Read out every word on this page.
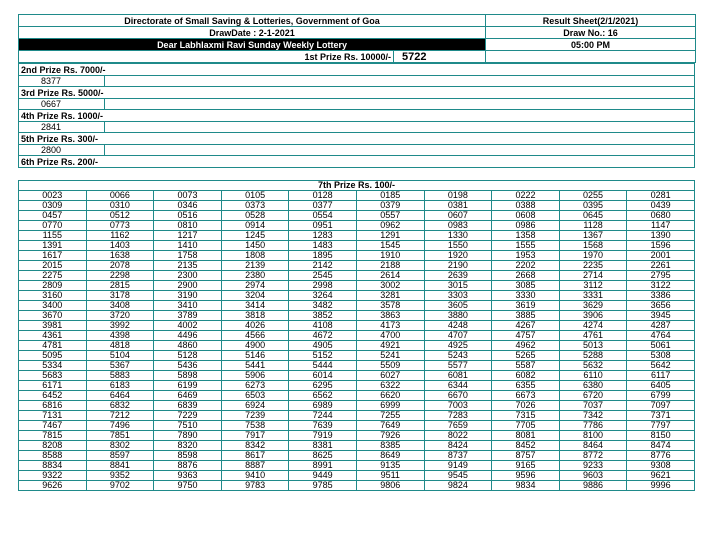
Directorate of Small Saving & Lotteries, Government of Goa		Result Sheet(2/1/2021)
DrawDate : 2-1-2021		Draw No.: 16
Dear Labhlaxmi Ravi Sunday Weekly Lottery		05:00 PM
1st Prize Rs. 10000/-	5722	
2nd Prize Rs. 7000/-	
8377	
3rd Prize Rs. 5000/-	
0667	
4th Prize Rs. 1000/-	
2841	
5th Prize Rs. 300/-	
2800	
6th Prize Rs. 200/-	
7th Prize Rs. 100/-									
0023	0066	0073	0105	0128	0185	0198	0222	0255	0281
0309	0310	0346	0373	0377	0379	0381	0388	0395	0439
0457	0512	0516	0528	0554	0557	0607	0608	0645	0680
0770	0773	0810	0914	0951	0962	0983	0986	1128	1147
1155	1162	1217	1245	1283	1291	1330	1358	1367	1390
1391	1403	1410	1450	1483	1545	1550	1555	1568	1596
1617	1638	1758	1808	1895	1910	1920	1953	1970	2001
2015	2078	2135	2139	2142	2188	2190	2202	2235	2261
2275	2298	2300	2380	2545	2614	2639	2668	2714	2795
2809	2815	2900	2974	2998	3002	3015	3085	3112	3122
3160	3178	3190	3204	3264	3281	3303	3330	3331	3386
3400	3408	3410	3414	3482	3578	3605	3619	3629	3656
3670	3720	3789	3818	3852	3863	3880	3885	3906	3945
3981	3992	4002	4026	4108	4173	4248	4267	4274	4287
4361	4398	4496	4566	4672	4700	4707	4757	4761	4764
4781	4818	4860	4900	4905	4921	4925	4962	5013	5061
5095	5104	5128	5146	5152	5241	5243	5265	5288	5308
5334	5367	5436	5441	5444	5509	5577	5587	5632	5642
5683	5883	5898	5906	6014	6027	6081	6082	6110	6117
6171	6183	6199	6273	6295	6322	6344	6355	6380	6405
6452	6464	6469	6503	6562	6620	6670	6673	6720	6799
6816	6832	6839	6924	6989	6999	7003	7026	7037	7097
7131	7212	7229	7239	7244	7255	7283	7315	7342	7371
7467	7496	7510	7538	7639	7649	7659	7705	7786	7797
7815	7851	7890	7917	7919	7926	8022	8081	8100	8150
8208	8302	8320	8342	8381	8385	8424	8452	8464	8474
8588	8597	8598	8617	8625	8649	8737	8757	8772	8776
8834	8841	8876	8887	8991	9135	9149	9165	9233	9308
9322	9352	9363	9410	9449	9511	9545	9596	9603	9621
9626	9702	9750	9783	9785	9806	9824	9834	9886	9996
